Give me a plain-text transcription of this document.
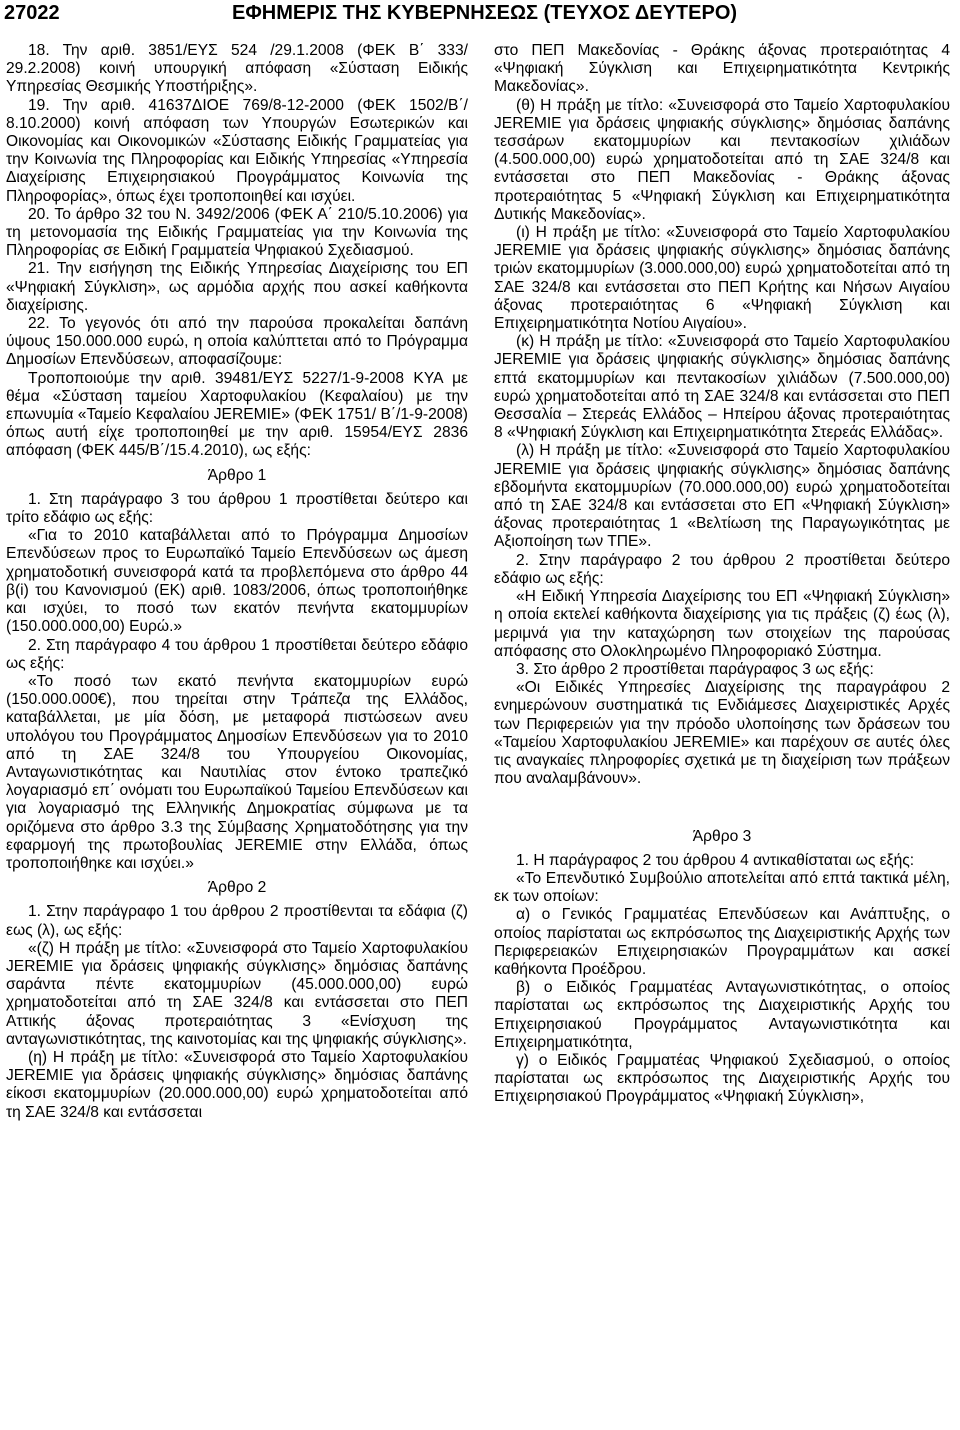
27022	ΕΦΗΜΕΡΙΣ ΤΗΣ ΚΥΒΕΡΝΗΣΕΩΣ (ΤΕΥΧΟΣ ΔΕΥΤΕΡΟ)

18. Την αριθ. 3851/ΕΥΣ 524 /29.1.2008 (ΦΕΚ Β΄ 333/ 29.2.2008) κοινή υπουργική απόφαση «Σύσταση Ειδικής Υπηρεσίας Θεσμικής Υποστήριξης».

19. Την αριθ. 41637ΔΙΟΕ 769/8-12-2000 (ΦΕΚ 1502/Β΄/ 8.10.2000) κοινή απόφαση των Υπουργών Εσωτερικών και Οικονομίας και Οικονομικών «Σύστασης Ειδικής Γραμματείας για την Κοινωνία της Πληροφορίας και Ειδικής Υπηρεσίας «Υπηρεσία Διαχείρισης Επιχειρησιακού Προγράμματος Κοινωνία της Πληροφορίας», όπως έχει τροποποιηθεί και ισχύει.

20. Το άρθρο 32 του Ν. 3492/2006 (ΦΕΚ Α΄ 210/5.10.2006) για τη μετονομασία της Ειδικής Γραμματείας για την Κοινωνία της Πληροφορίας σε Ειδική Γραμματεία Ψηφιακού Σχεδιασμού.

21. Την εισήγηση της Ειδικής Υπηρεσίας Διαχείρισης του ΕΠ «Ψηφιακή Σύγκλιση», ως αρμόδια αρχής που ασκεί καθήκοντα διαχείρισης.

22. Το γεγονός ότι από την παρούσα προκαλείται δαπάνη ύψους 150.000.000 ευρώ, η οποία καλύπτεται από το Πρόγραμμα Δημοσίων Επενδύσεων, αποφασίζουμε:

Τροποποιούμε την αριθ. 39481/ΕΥΣ 5227/1-9-2008 ΚΥΑ με θέμα «Σύσταση ταμείου Χαρτοφυλακίου (Κεφαλαίου) με την επωνυμία «Ταμείο Κεφαλαίου JEREMIE» (ΦΕΚ 1751/ Β΄/1-9-2008) όπως αυτή είχε τροποποιηθεί με την αριθ. 15954/ΕΥΣ 2836 απόφαση (ΦΕΚ 445/Β΄/15.4.2010), ως εξής:

Άρθρο 1

1. Στη παράγραφο 3 του άρθρου 1 προστίθεται δεύτερο και τρίτο εδάφιο ως εξής:

«Για το 2010 καταβάλλεται από το Πρόγραμμα Δημοσίων Επενδύσεων προς το Ευρωπαϊκό Ταμείο Επενδύσεων ως άμεση χρηματοδοτική συνεισφορά κατά τα προβλεπόμενα στο άρθρο 44 β(i) του Κανονισμού (ΕΚ) αριθ. 1083/2006, όπως τροποποιήθηκε και ισχύει, το ποσό των εκατόν πενήντα εκατομμυρίων (150.000.000,00) Ευρώ.»

2. Στη παράγραφο 4 του άρθρου 1 προστίθεται δεύτερο εδάφιο ως εξής:

«Το ποσό των εκατό πενήντα εκατομμυρίων ευρώ (150.000.000€), που τηρείται στην Τράπεζα της Ελλάδος, καταβάλλεται, με μία δόση, με μεταφορά πιστώσεων ανευ υπολόγου του Προγράμματος Δημοσίων Επενδύσεων για το 2010 από τη ΣΑΕ 324/8 του Υπουργείου Οικονομίας, Ανταγωνιστικότητας και Ναυτιλίας στον έντοκο τραπεζικό λογαριασμό επ΄ ονόματι του Ευρωπαϊκού Ταμείου Επενδύσεων και για λογαριασμό της Ελληνικής Δημοκρατίας σύμφωνα με τα οριζόμενα στο άρθρο 3.3 της Σύμβασης Χρηματοδότησης για την εφαρμογή της πρωτοβουλίας JEREMIE στην Ελλάδα, όπως τροποποιήθηκε και ισχύει.»

Άρθρο 2

1. Στην παράγραφο 1 του άρθρου 2 προστίθενται τα εδάφια (ζ) εως (λ), ως εξής:

«(ζ) Η πράξη με τίτλο: «Συνεισφορά στο Ταμείο Χαρτοφυλακίου JEREMIE για δράσεις ψηφιακής σύγκλισης» δημόσιας δαπάνης σαράντα πέντε εκατομμυρίων (45.000.000,00) ευρώ χρηματοδοτείται από τη ΣΑΕ 324/8 και εντάσσεται στο ΠΕΠ Αττικής άξονας προτεραιότητας 3 «Ενίσχυση της ανταγωνιστικότητας, της καινοτομίας και της ψηφιακής σύγκλισης».

(η) Η πράξη με τίτλο: «Συνεισφορά στο Ταμείο Χαρτοφυλακίου JEREMIE για δράσεις ψηφιακής σύγκλισης» δημόσιας δαπάνης είκοσι εκατομμυρίων (20.000.000,00) ευρώ χρηματοδοτείται από τη ΣΑΕ 324/8 και εντάσσεται

στο ΠΕΠ Μακεδονίας - Θράκης άξονας προτεραιότητας 4 «Ψηφιακή Σύγκλιση και Επιχειρηματικότητα Κεντρικής Μακεδονίας».

(θ) Η πράξη με τίτλο: «Συνεισφορά στο Ταμείο Χαρτοφυλακίου JEREMIE για δράσεις ψηφιακής σύγκλισης» δημόσιας δαπάνης τεσσάρων εκατομμυρίων και πεντακοσίων χιλιάδων (4.500.000,00) ευρώ χρηματοδοτείται από τη ΣΑΕ 324/8 και εντάσσεται στο ΠΕΠ Μακεδονίας - Θράκης άξονας προτεραιότητας 5 «Ψηφιακή Σύγκλιση και Επιχειρηματικότητα Δυτικής Μακεδονίας».

(ι) Η πράξη με τίτλο: «Συνεισφορά στο Ταμείο Χαρτοφυλακίου JEREMIE για δράσεις ψηφιακής σύγκλισης» δημόσιας δαπάνης τριών εκατομμυρίων (3.000.000,00) ευρώ χρηματοδοτείται από τη ΣΑΕ 324/8 και εντάσσεται στο ΠΕΠ Κρήτης και Νήσων Αιγαίου άξονας προτεραιότητας 6 «Ψηφιακή Σύγκλιση και Επιχειρηματικότητα Νοτίου Αιγαίου».

(κ) Η πράξη με τίτλο: «Συνεισφορά στο Ταμείο Χαρτοφυλακίου JEREMIE για δράσεις ψηφιακής σύγκλισης» δημόσιας δαπάνης επτά εκατομμυρίων και πεντακοσίων χιλιάδων (7.500.000,00) ευρώ χρηματοδοτείται από τη ΣΑΕ 324/8 και εντάσσεται στο ΠΕΠ Θεσσαλία – Στερεάς Ελλάδος – Ηπείρου άξονας προτεραιότητας 8 «Ψηφιακή Σύγκλιση και Επιχειρηματικότητα Στερεάς Ελλάδας».

(λ) Η πράξη με τίτλο: «Συνεισφορά στο Ταμείο Χαρτοφυλακίου JEREMIE για δράσεις ψηφιακής σύγκλισης» δημόσιας δαπάνης εβδομήντα εκατομμυρίων (70.000.000,00) ευρώ χρηματοδοτείται από τη ΣΑΕ 324/8 και εντάσσεται στο ΕΠ «Ψηφιακή Σύγκλιση» άξονας προτεραιότητας 1 «Βελτίωση της Παραγωγικότητας με Αξιοποίηση των ΤΠΕ».

2. Στην παράγραφο 2 του άρθρου 2 προστίθεται δεύτερο εδάφιο ως εξής:

«Η Ειδική Υπηρεσία Διαχείρισης του ΕΠ «Ψηφιακή Σύγκλιση» η οποία εκτελεί καθήκοντα διαχείρισης για τις πράξεις (ζ) έως (λ), μεριμνά για την καταχώρηση των στοιχείων της παρούσας απόφασης στο Ολοκληρωμένο Πληροφοριακό Σύστημα.

3. Στο άρθρο 2 προστίθεται παράγραφος 3 ως εξής:

«Οι Ειδικές Υπηρεσίες Διαχείρισης της παραγράφου 2 ενημερώνουν συστηματικά τις Ενδιάμεσες Διαχειριστικές Αρχές των Περιφερειών για την πρόοδο υλοποίησης των δράσεων του «Ταμείου Χαρτοφυλακίου JEREMIE» και παρέχουν σε αυτές όλες τις αναγκαίες πληροφορίες σχετικά με τη διαχείριση των πράξεων που αναλαμβάνουν».

Άρθρο 3

1. Η παράγραφος 2 του άρθρου 4 αντικαθίσταται ως εξής:

«Το Επενδυτικό Συμβούλιο αποτελείται από επτά τακτικά μέλη, εκ των οποίων:

α) ο Γενικός Γραμματέας Επενδύσεων και Ανάπτυξης, ο οποίος παρίσταται ως εκπρόσωπος της Διαχειριστικής Αρχής των Περιφερειακών Επιχειρησιακών Προγραμμάτων και ασκεί καθήκοντα Προέδρου.

β) ο Ειδικός Γραμματέας Ανταγωνιστικότητας, ο οποίος παρίσταται ως εκπρόσωπος της Διαχειριστικής Αρχής του Επιχειρησιακού Προγράμματος Ανταγωνιστικότητα και Επιχειρηματικότητα,

γ) ο Ειδικός Γραμματέας Ψηφιακού Σχεδιασμού, ο οποίος παρίσταται ως εκπρόσωπος της Διαχειριστικής Αρχής του Επιχειρησιακού Προγράμματος «Ψηφιακή Σύγκλιση»,
